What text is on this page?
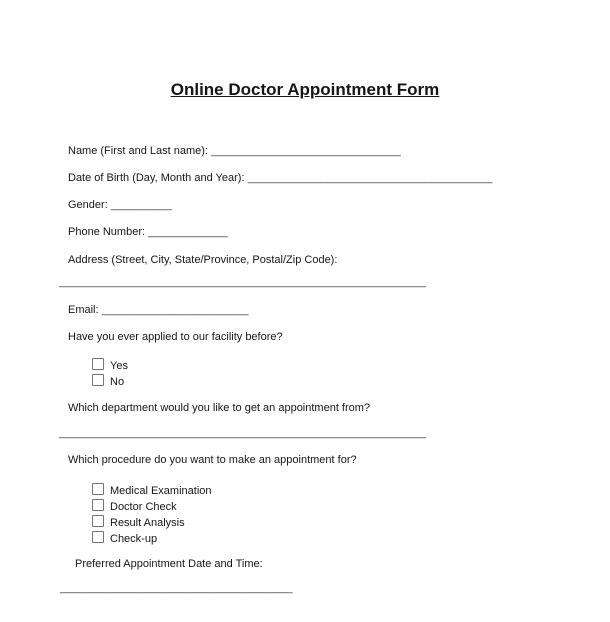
Online Doctor Appointment Form
Name (First and Last name): _______________________________
Date of Birth (Day, Month and Year): ________________________________________
Gender: __________
Phone Number: _____________
Address (Street, City, State/Province, Postal/Zip Code):
____________________________________________________________
Email: ________________________
Have you ever applied to our facility before?
Yes
No
Which department would you like to get an appointment from?
____________________________________________________________
Which procedure do you want to make an appointment for?
Medical Examination
Doctor Check
Result Analysis
Check-up
Preferred Appointment Date and Time:
______________________________________
